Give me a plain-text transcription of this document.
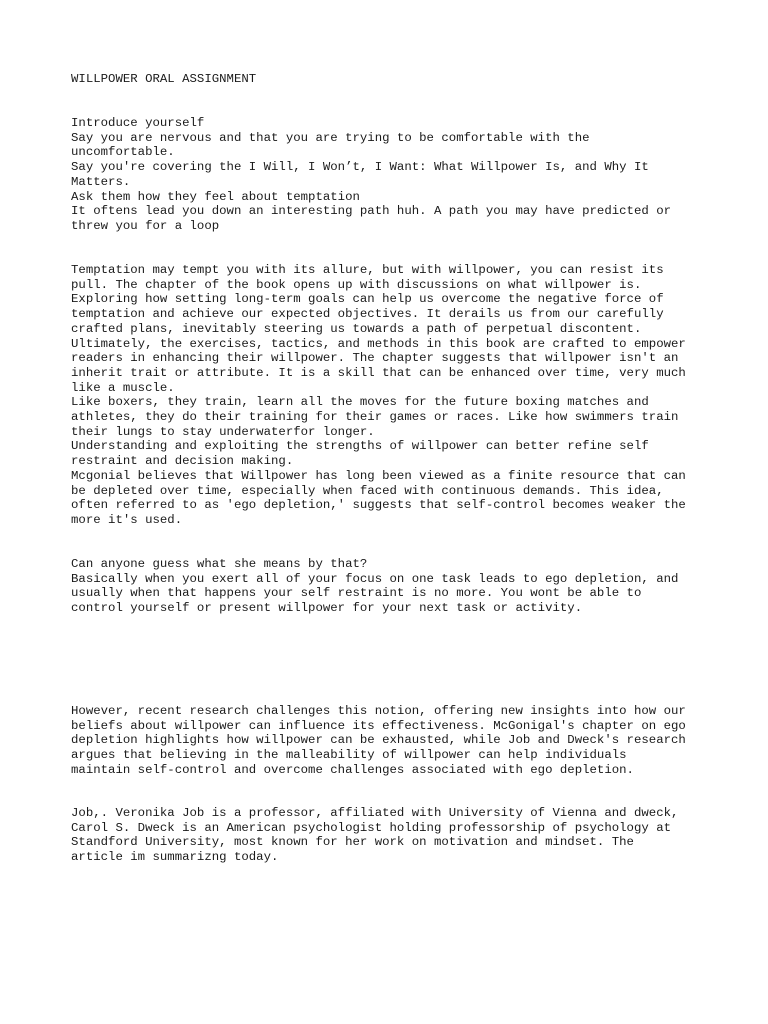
WILLPOWER ORAL ASSIGNMENT
Introduce yourself
Say you are nervous and that you are trying to be comfortable with the
uncomfortable.
Say you're covering the I Will, I Won’t, I Want: What Willpower Is, and Why It
Matters.
Ask them how they feel about temptation
It oftens lead you down an interesting path huh. A path you may have predicted or
threw you for a loop
Temptation may tempt you with its allure, but with willpower, you can resist its
pull. The chapter of the book opens up with discussions on what willpower is.
Exploring how setting long-term goals can help us overcome the negative force of
temptation and achieve our expected objectives. It derails us from our carefully
crafted plans, inevitably steering us towards a path of perpetual discontent.
Ultimately, the exercises, tactics, and methods in this book are crafted to empower
readers in enhancing their willpower. The chapter suggests that willpower isn't an
inherit trait or attribute. It is a skill that can be enhanced over time, very much
like a muscle.
Like boxers, they train, learn all the moves for the future boxing matches and
athletes, they do their training for their games or races. Like how swimmers train
their lungs to stay underwaterfor longer.
Understanding and exploiting the strengths of willpower can better refine self
restraint and decision making.
Mcgonial believes that Willpower has long been viewed as a finite resource that can
be depleted over time, especially when faced with continuous demands. This idea,
often referred to as 'ego depletion,' suggests that self-control becomes weaker the
more it's used.
Can anyone guess what she means by that?
Basically when you exert all of your focus on one task leads to ego depletion, and
usually when that happens your self restraint is no more. You wont be able to
control yourself or present willpower for your next task or activity.
However, recent research challenges this notion, offering new insights into how our
beliefs about willpower can influence its effectiveness. McGonigal's chapter on ego
depletion highlights how willpower can be exhausted, while Job and Dweck's research
argues that believing in the malleability of willpower can help individuals
maintain self-control and overcome challenges associated with ego depletion.
Job,. Veronika Job is a professor, affiliated with University of Vienna and dweck,
Carol S. Dweck is an American psychologist holding professorship of psychology at
Standford University, most known for her work on motivation and mindset. The
article im summarizng today.
